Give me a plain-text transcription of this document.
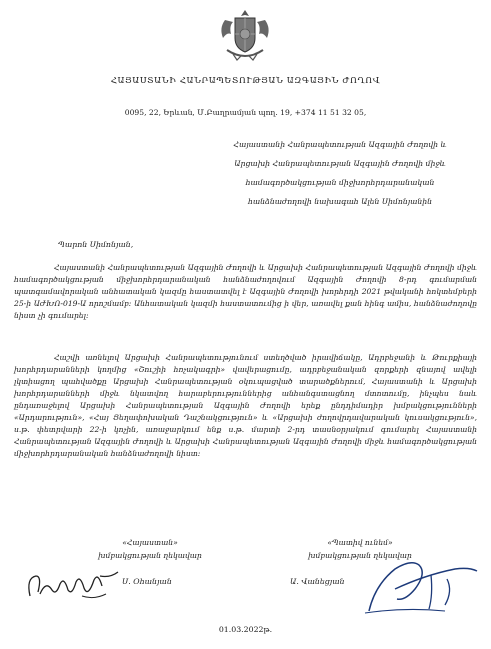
ՀԱՅԱՍՏԱՆԻ ՀԱՆՐԱՊԵՏՈՒԹՅԱՆ ԱԶԳԱՅԻՆ ԺՈՂՈՎ
0095, 22, Երևան, Մ.Բաղրամյան պող. 19, +374 11 51 32 05,
Հայաստանի Հանրապետության Ազգային Ժողովի և
Արցախի Հանրապետության Ազգային Ժողովի միջև
համագործակցության միջխորհրդարանական
հանձնաժողովի նախագահ Ալեն Սիմոնյանին
Պարոն Սիմոնյան,
Հայաստանի Հանրապետության Ազգային Ժողովի և Արցախի Հանրապետության Ազգային Ժողովի միջև համագործակցության միջխորհրդարանական հանձնաժողովում Ազգային Ժողովի 8-րդ գումարման պատգամավորական անհատական կազմը հաստատվել է Ազգային Ժողովի խորհրդի 2021 թվականի հոկտեմբերի 25-ի ԱԺԽՈ-019-Ա որոշմամբ: Անհատական կազմի հաստատումից ի վեր, առավել քան հինգ ամիս, հանձնաժողովը նիստ չի գումարել:
Հաշվի առնելով Արցախի Հանրապետությունում ստեղծված իրավիճակը, Ադրբեջանի և Թուրքիայի խորհրդարանների կողմից «Շուշիի հռչակագրի» վավերացումը, ադրբեջանական զորքերի զնայով ավելի լկտիացող պահվածքը Արցախի Հանրապետության օկուպացված տարածքներում, Հայաստանի և Արցախի խորհրդարանների միջև նկատվող հարաբերություններից անհանգստացնող մտոտումը, ինչպես նաև ընդառաջելով Արցախի Հանրապետության Ազգային Ժողովի երեք ընդդիմադիր խմբակցությունների «Արդարություն», «Հայ Յեղափոխական Դաշնակցություն» և «Արցախի ժողովրդավարական կուսակցություն», ս.թ. փետրվարի 22-ի կոչին, առաջարկում ենք ս.թ. մարտի 2-րդ տասնօրյակում գումարել Հայաստանի Հանրապետության Ազգային Ժողովի և Արցախի Հանրապետության Ազգային Ժողովի միջև համագործակցության միջխորհրդարանական հանձնաժողովի նիստ:
«Հայաստան»
խմբակցության ղեկավար
«Պատիվ ունեմ»
խմբակցության ղեկավար
Ս. Օհանյան	Ա. Վանեցյան
01.03.2022թ.
